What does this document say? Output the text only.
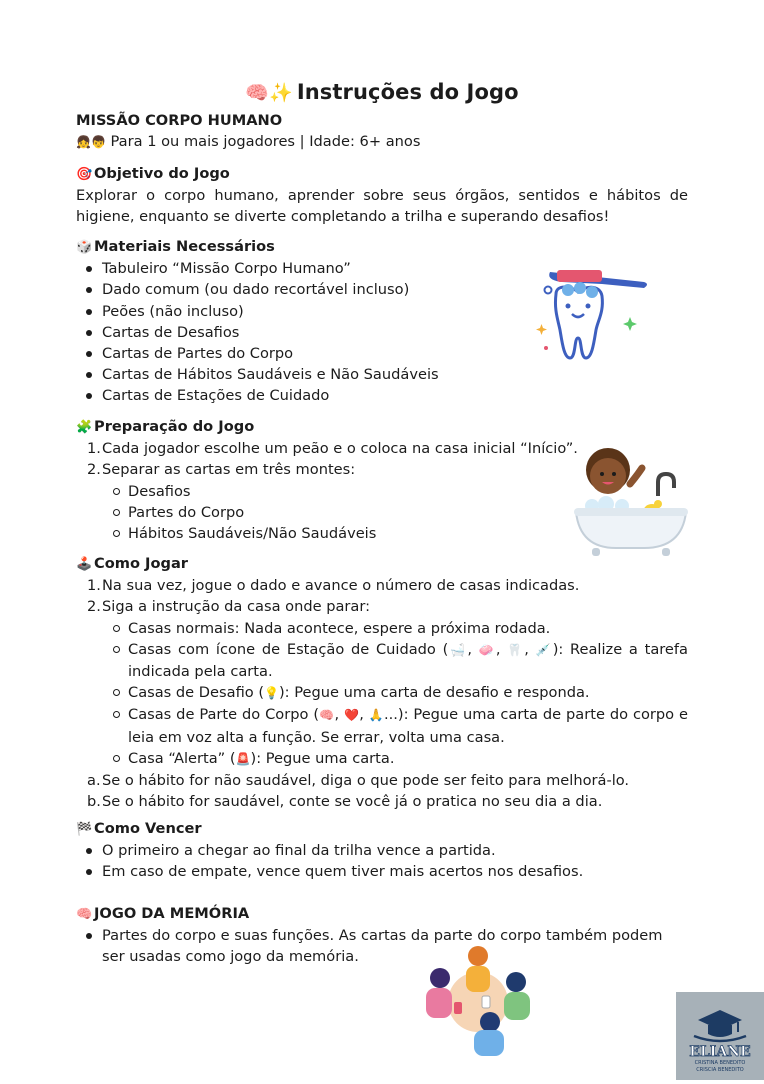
🧠✨ Instruções do Jogo
MISSÃO CORPO HUMANO
👧👦 Para 1 ou mais jogadores | Idade: 6+ anos
🎯 Objetivo do Jogo
Explorar o corpo humano, aprender sobre seus órgãos, sentidos e hábitos de higiene, enquanto se diverte completando a trilha e superando desafios!
🎲 Materiais Necessários
Tabuleiro “Missão Corpo Humano”
Dado comum (ou dado recortável incluso)
Peões (não incluso)
Cartas de Desafios
Cartas de Partes do Corpo
Cartas de Hábitos Saudáveis e Não Saudáveis
Cartas de Estações de Cuidado
🧩 Preparação do Jogo
1. Cada jogador escolhe um peão e o coloca na casa inicial “Início”.
2. Separar as cartas em três montes:
Desafios
Partes do Corpo
Hábitos Saudáveis/Não Saudáveis
🕹️ Como Jogar
1. Na sua vez, jogue o dado e avance o número de casas indicadas.
2. Siga a instrução da casa onde parar:
Casas normais: Nada acontece, espere a próxima rodada.
Casas com ícone de Estação de Cuidado (🛁, 🧼, 🦷, 💉): Realize a tarefa indicada pela carta.
Casas de Desafio (💡): Pegue uma carta de desafio e responda.
Casas de Parte do Corpo (🧠, ❤️, 🙏...): Pegue uma carta de parte do corpo e leia em voz alta a função. Se errar, volta uma casa.
Casa “Alerta” (🚨): Pegue uma carta.
a. Se o hábito for não saudável, diga o que pode ser feito para melhorá-lo.
b. Se o hábito for saudável, conte se você já o pratica no seu dia a dia.
🏁 Como Vencer
O primeiro a chegar ao final da trilha vence a partida.
Em caso de empate, vence quem tiver mais acertos nos desafios.
🧠 JOGO DA MEMÓRIA
Partes do corpo e suas funções. As cartas da parte do corpo também podem ser usadas como jogo da memória.
ELIANE
CRISTINA BENEDITO
CRISCIA BENEDITO
